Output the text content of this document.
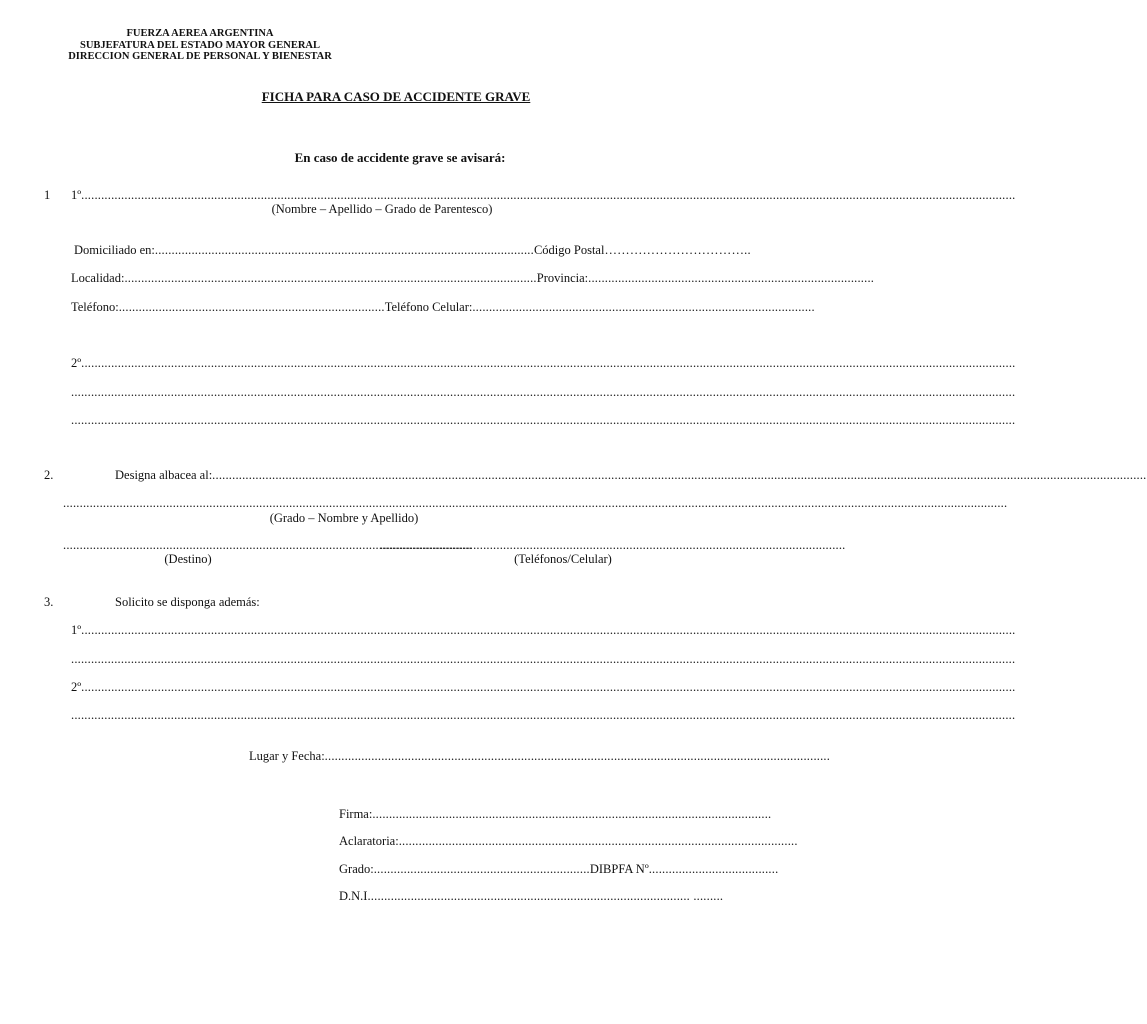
FUERZA AEREA ARGENTINA
SUBJEFATURA DEL ESTADO MAYOR GENERAL
DIRECCION GENERAL DE PERSONAL Y BIENESTAR
FICHA PARA CASO DE ACCIDENTE GRAVE
En caso de accidente grave se avisará:
1 1º .........................................................................................................................................................................................................................................................................................
(Nombre – Apellido – Grado de Parentesco)
Domiciliado en: .................................................................................................................. Código Postal ……………………………..
Localidad: ............................................................................................................................ Provincia: ......................................................................................
Teléfono: ................................................................................ Teléfono Celular: .......................................................................................................
2º .........................................................................................................................................................................................................................................................................................
............................................................................................................................................................................................................................................................................................
............................................................................................................................................................................................................................................................................................
2.	Designa albacea al: .........................................................................................................................................................................................................................................................................................
............................................................................................................................................................................................................................................................................................
(Grado – Nombre y Apellido)
...........................................................................................................................
............................................................................................................................................
(Destino)	(Teléfonos/Celular)
3.	Solicito se disponga además:
1º .........................................................................................................................................................................................................................................................................................
............................................................................................................................................................................................................................................................................................
2º .........................................................................................................................................................................................................................................................................................
............................................................................................................................................................................................................................................................................................
Lugar y Fecha: ........................................................................................................................................................
Firma: ........................................................................................................................
Aclaratoria: ........................................................................................................................
Grado: ................................................................. DIBPFA Nº .......................................
D.N.I ................................................................................................. .........
